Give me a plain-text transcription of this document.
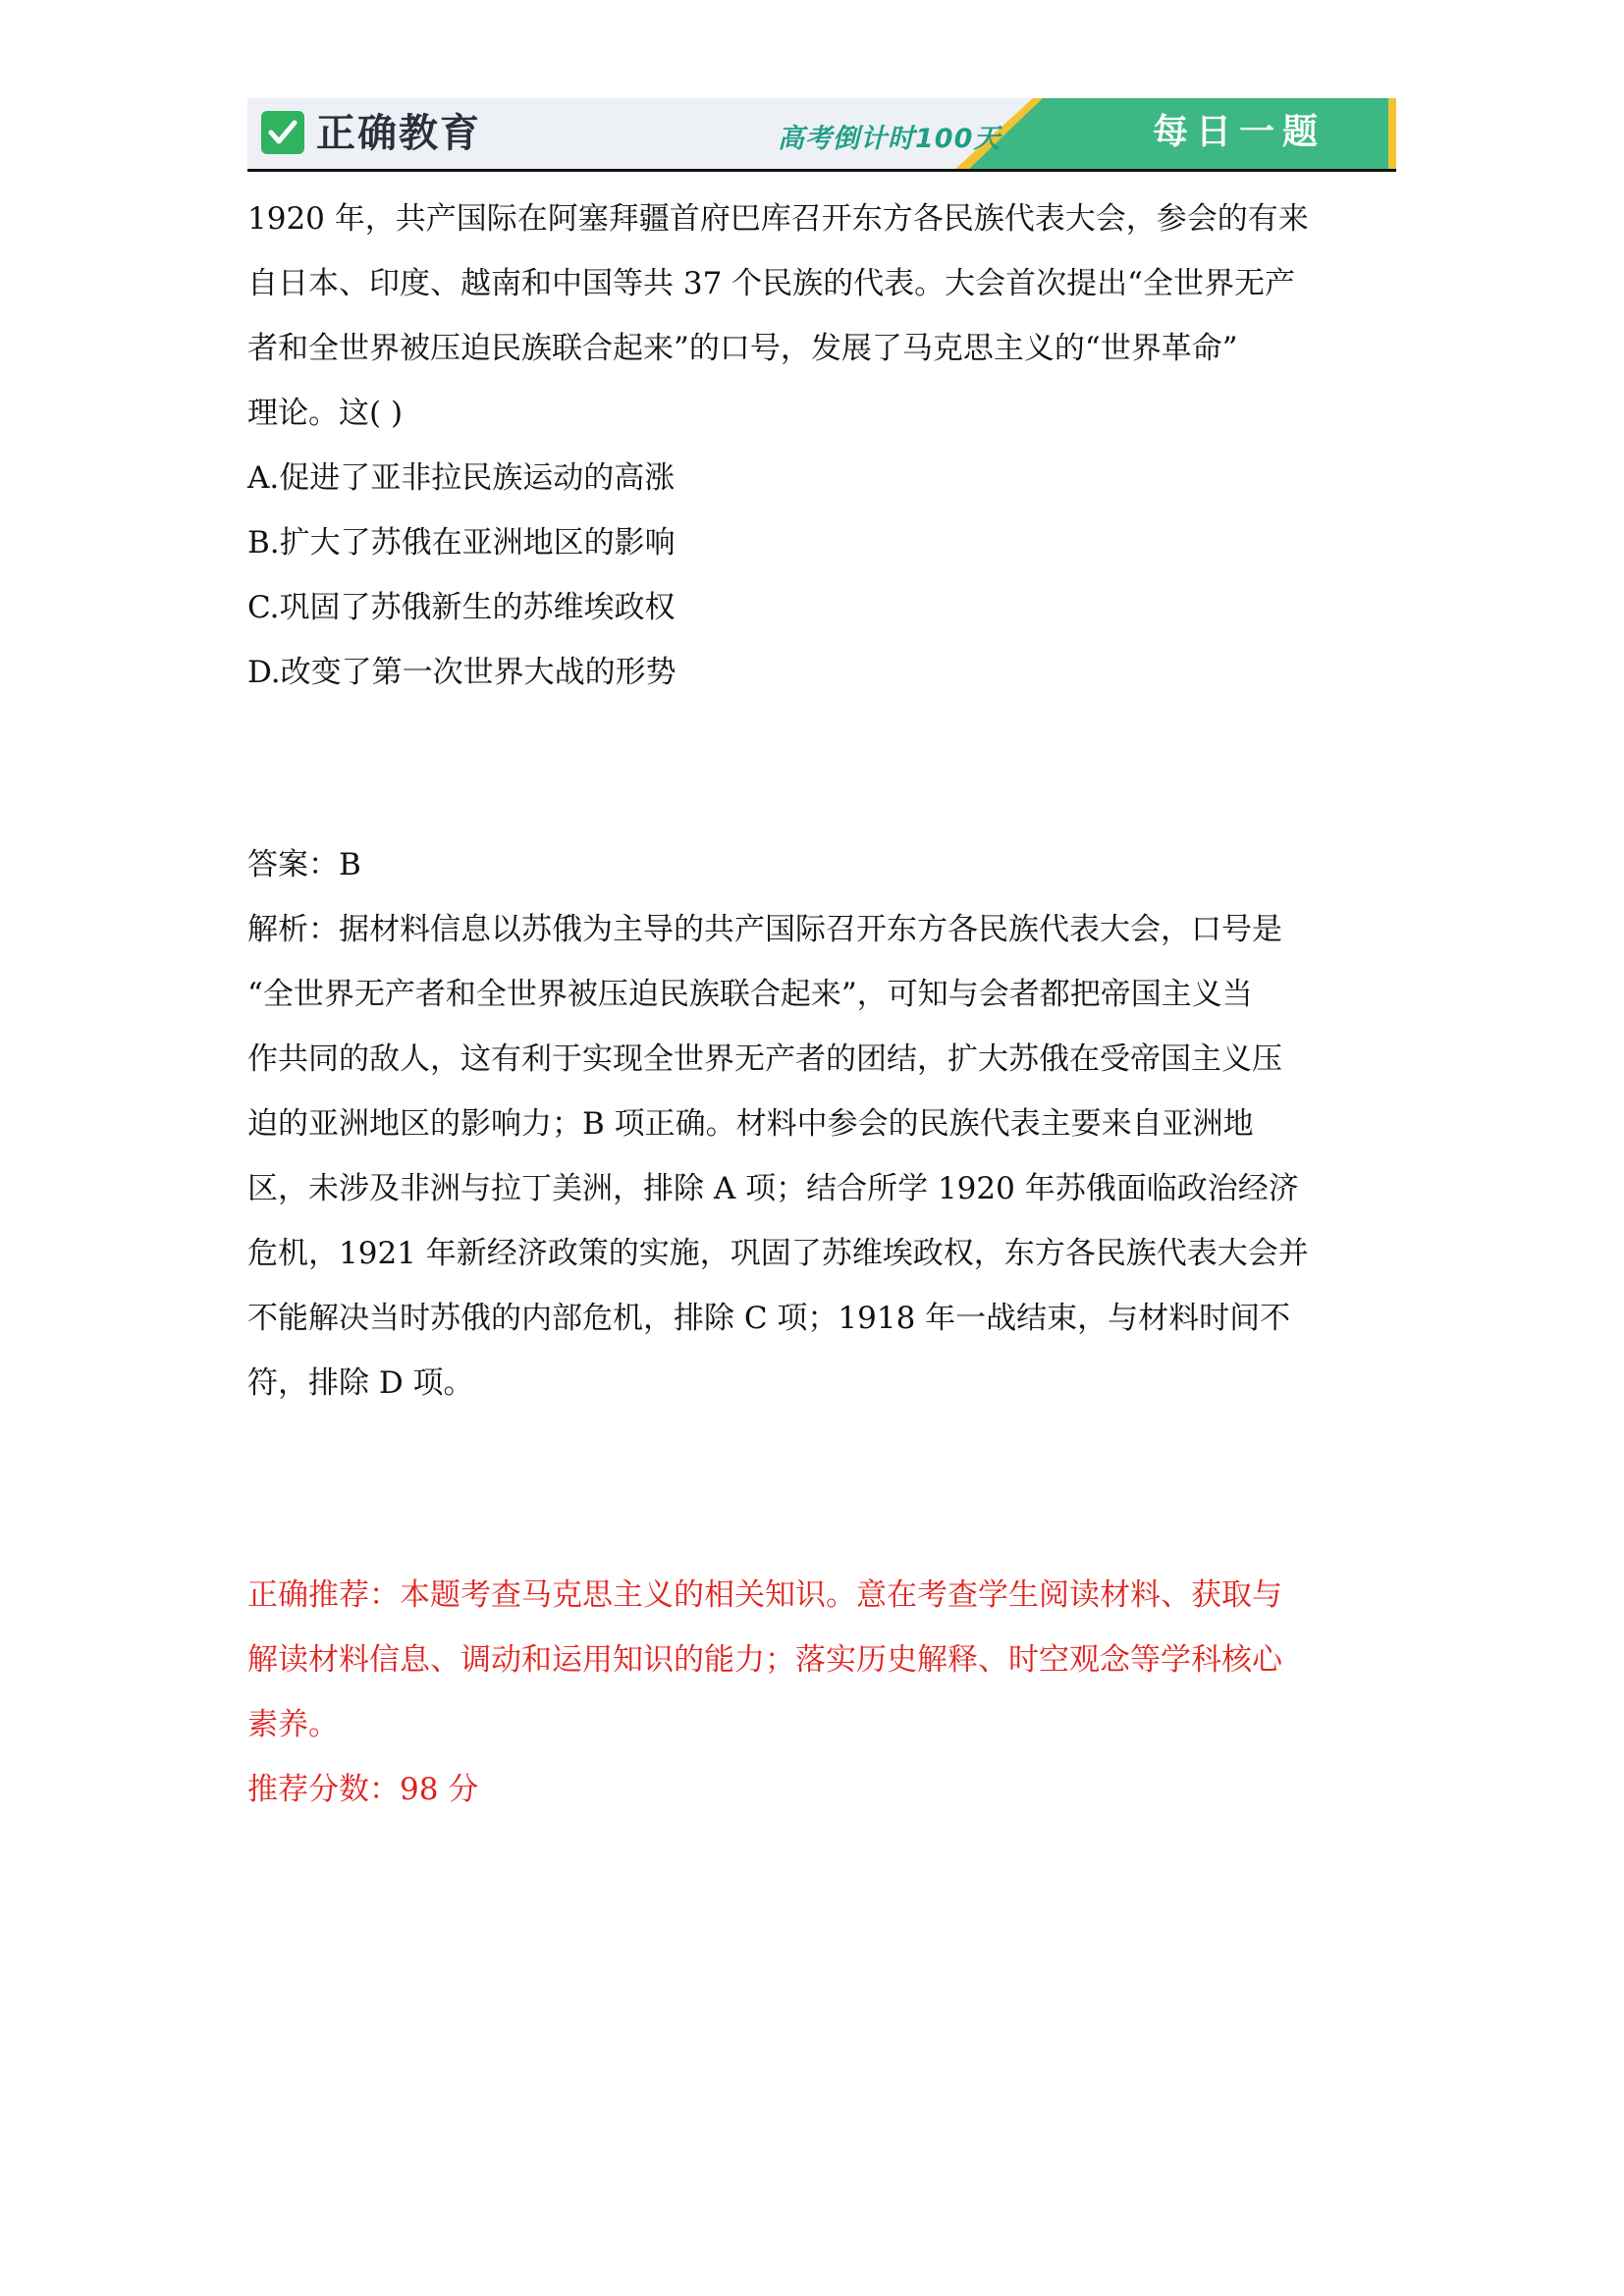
正确教育	高考倒计时100天	每日一题

1920 年，共产国际在阿塞拜疆首府巴库召开东方各民族代表大会，参会的有来

自日本、印度、越南和中国等共 37 个民族的代表。大会首次提出“全世界无产

者和全世界被压迫民族联合起来”的口号，发展了马克思主义的“世界革命”

理论。这( )

A.促进了亚非拉民族运动的高涨

B.扩大了苏俄在亚洲地区的影响

C.巩固了苏俄新生的苏维埃政权

D.改变了第一次世界大战的形势

答案：B

解析：据材料信息以苏俄为主导的共产国际召开东方各民族代表大会，口号是

“全世界无产者和全世界被压迫民族联合起来”，可知与会者都把帝国主义当

作共同的敌人，这有利于实现全世界无产者的团结，扩大苏俄在受帝国主义压

迫的亚洲地区的影响力；B 项正确。材料中参会的民族代表主要来自亚洲地

区，未涉及非洲与拉丁美洲，排除 A 项；结合所学 1920 年苏俄面临政治经济

危机，1921 年新经济政策的实施，巩固了苏维埃政权，东方各民族代表大会并

不能解决当时苏俄的内部危机，排除 C 项；1918 年一战结束，与材料时间不

符，排除 D 项。

正确推荐：本题考查马克思主义的相关知识。意在考查学生阅读材料、获取与

解读材料信息、调动和运用知识的能力；落实历史解释、时空观念等学科核心

素养。

推荐分数：98 分
